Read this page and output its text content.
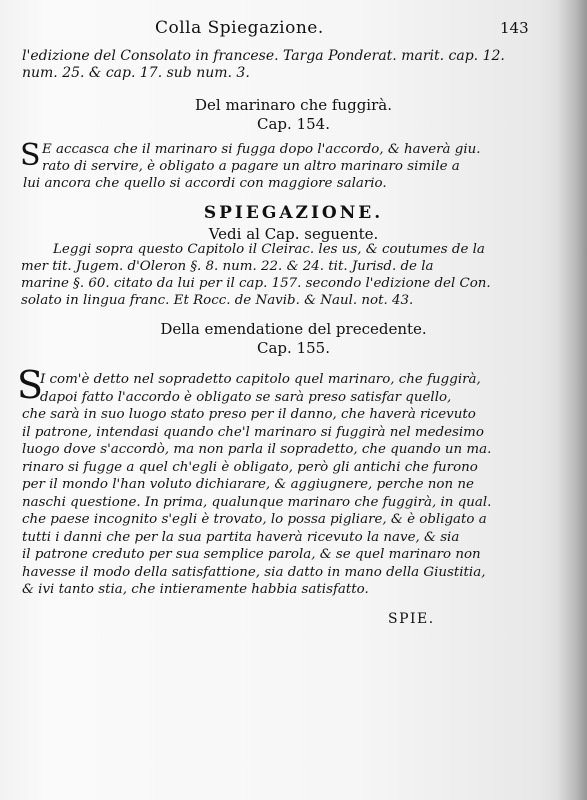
Colla Spiegazione.	143
l'edizione del Consolato in francese. Targa Ponderat. marit. cap. 12.
num. 25. & cap. 17. sub num. 3.
Del marinaro che fuggirà.
Cap. 154.
S E accasca che il marinaro si fugga dopo l'accordo, & haverà giu.
rato di servire, è obligato a pagare un altro marinaro simile a
lui ancora che quello si accordi con maggiore salario.
SPIEGAZIONE.
Vedi al Cap. seguente.
Leggi sopra questo Capitolo il Cleirac. les us, & coutumes de la
mer tit. Jugem. d'Oleron §. 8. num. 22. & 24. tit. Jurisd. de la
marine §. 60. citato da lui per il cap. 157. secondo l'edizione del Con.
solato in lingua franc. Et Rocc. de Navib. & Naul. not. 43.
Della emendatione del precedente.
Cap. 155.
S
I com'è detto nel sopradetto capitolo quel marinaro, che fuggirà,
dapoi fatto l'accordo è obligato se sarà preso satisfar quello,
che sarà in suo luogo stato preso per il danno, che haverà ricevuto
il patrone, intendasi quando che'l marinaro si fuggirà nel medesimo
luogo dove s'accordò, ma non parla il sopradetto, che quando un ma.
rinaro si fugge a quel ch'egli è obligato, però gli antichi che furono
per il mondo l'han voluto dichiarare, & aggiugnere, perche non ne
naschi questione. In prima, qualunque marinaro che fuggirà, in qual.
che paese incognito s'egli è trovato, lo possa pigliare, & è obligato a
tutti i danni che per la sua partita haverà ricevuto la nave, & sia
il patrone creduto per sua semplice parola, & se quel marinaro non
havesse il modo della satisfattione, sia datto in mano della Giustitia,
& ivi tanto stia, che intieramente habbia satisfatto.
SPIE.
